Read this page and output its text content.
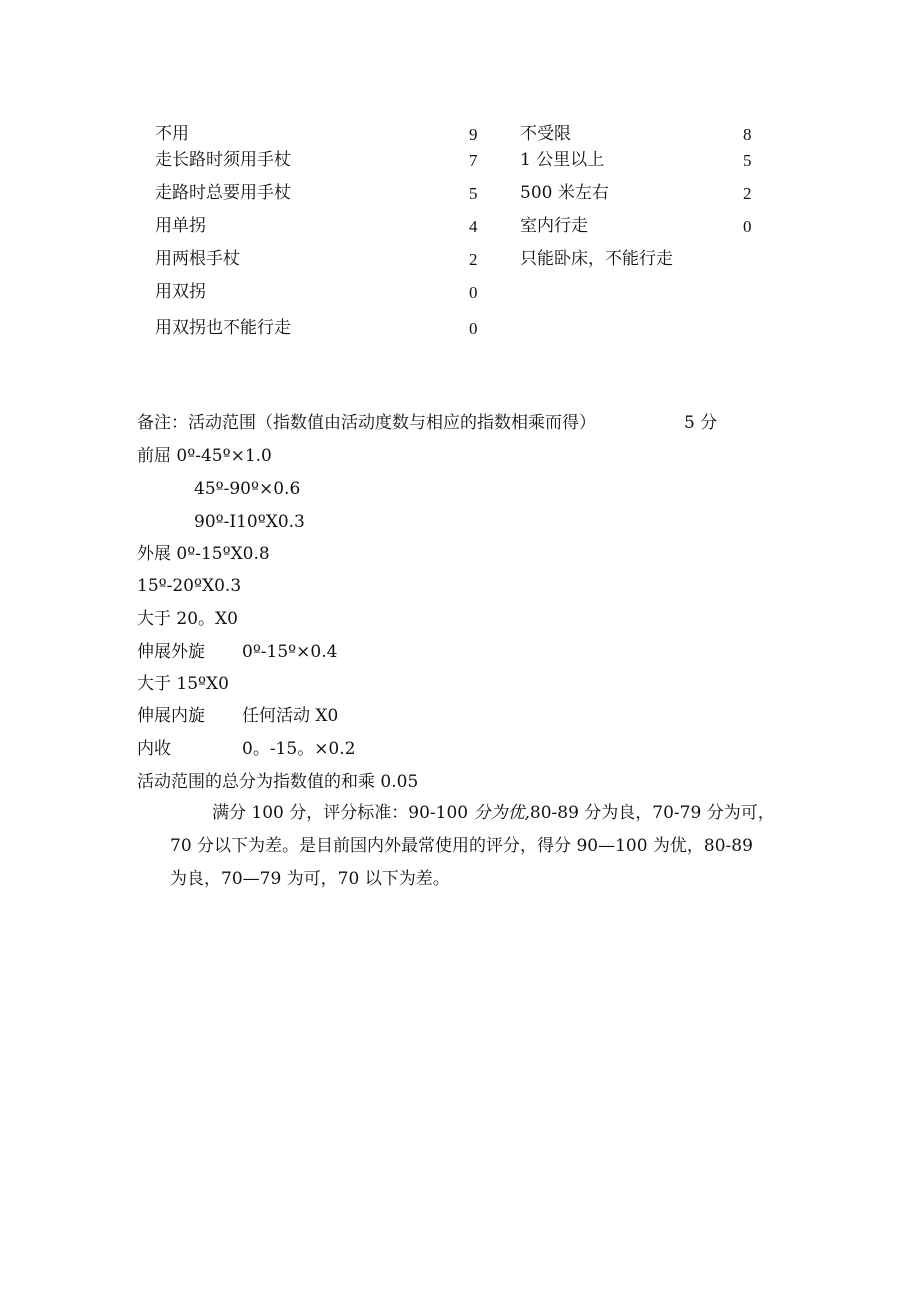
不用	9
走长路时须用手杖	7
走路时总要用手杖	5
用单拐	4
用两根手杖	2
用双拐	0
用双拐也不能行走	0
不受限	8
1 公里以上	5
500 米左右	2
室内行走	0
只能卧床，不能行走
备注：活动范围（指数值由活动度数与相应的指数相乘而得）	5 分
前屈 0º-45º×1.0
45º-90º×0.6
90º-I10ºX0.3
外展 0º-15ºX0.8
15º-20ºX0.3
大于 20。X0
伸展外旋 0º-15º×0.4
大于 15ºX0
伸展内旋 任何活动 X0
内收	0。-15。×0.2
活动范围的总分为指数值的和乘 0.05
满分 100 分，评分标准：90-100 分为优,80-89 分为良，70-79 分为可，
70 分以下为差。是目前国内外最常使用的评分，得分 90—100 为优，80-89
为良，70—79 为可，70 以下为差。
